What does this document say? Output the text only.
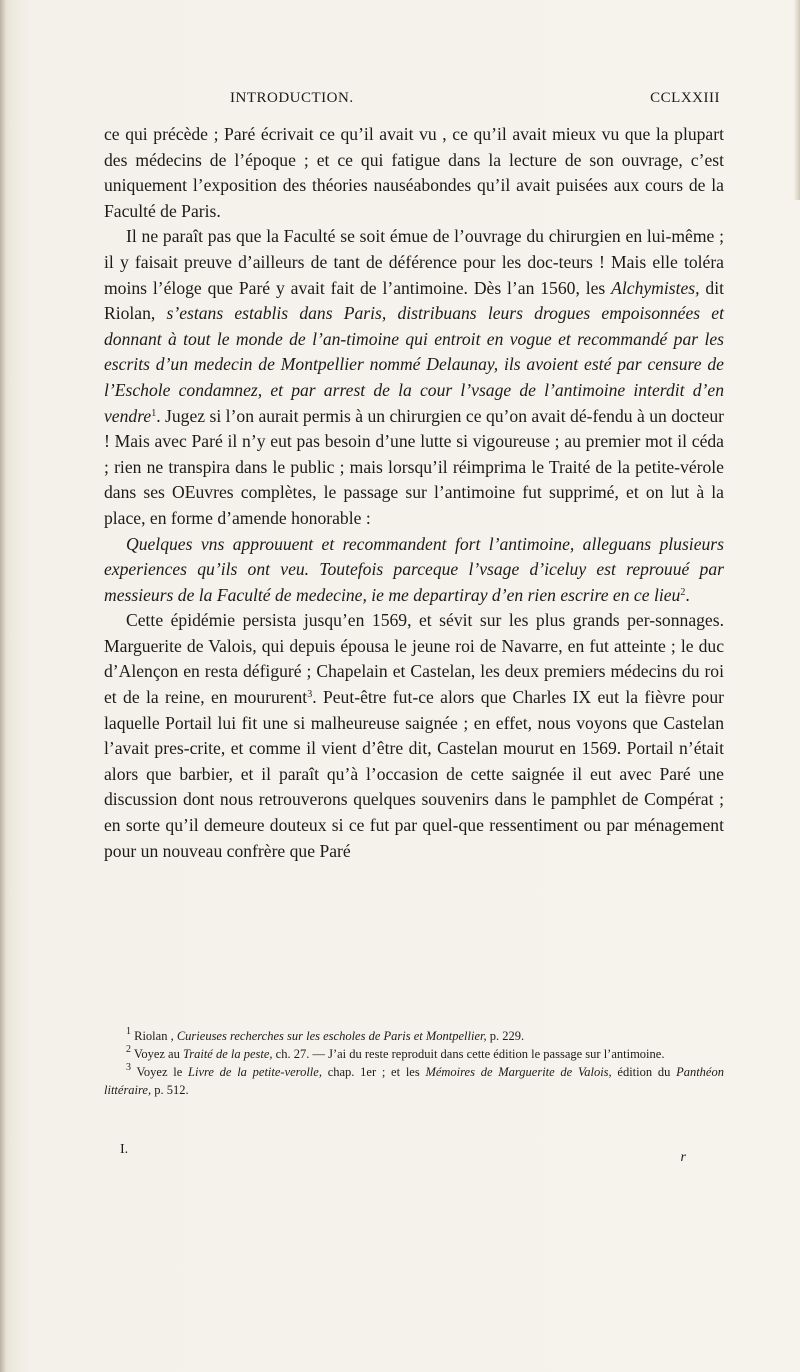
INTRODUCTION.	CCLXXIII

ce qui précède ; Paré écrivait ce qu’il avait vu , ce qu’il avait mieux vu que la plupart des médecins de l’époque ; et ce qui fatigue dans la lecture de son ouvrage, c’est uniquement l’exposition des théories nauséabondes qu’il avait puisées aux cours de la Faculté de Paris.

Il ne paraît pas que la Faculté se soit émue de l’ouvrage du chirurgien en lui-même ; il y faisait preuve d’ailleurs de tant de déférence pour les doc-teurs ! Mais elle toléra moins l’éloge que Paré y avait fait de l’antimoine. Dès l’an 1560, les Alchymistes, dit Riolan, s’estans establis dans Paris, distribuans leurs drogues empoisonnées et donnant à tout le monde de l’an-timoine qui entroit en vogue et recommandé par les escrits d’un medecin de Montpellier nommé Delaunay, ils avoient esté par censure de l’Eschole condamnez, et par arrest de la cour l’vsage de l’antimoine interdit d’en vendre$^1$. Jugez si l’on aurait permis à un chirurgien ce qu’on avait dé-fendu à un docteur ! Mais avec Paré il n’y eut pas besoin d’une lutte si vigoureuse ; au premier mot il céda ; rien ne transpira dans le public ; mais lorsqu’il réimprima le Traité de la petite-vérole dans ses OEuvres complètes, le passage sur l’antimoine fut supprimé, et on lut à la place, en forme d’amende honorable :

Quelques vns approuuent et recommandent fort l’antimoine, alleguans plusieurs experiences qu’ils ont veu. Toutefois parceque l’vsage d’iceluy est reprouué par messieurs de la Faculté de medecine, ie me departiray d’en rien escrire en ce lieu$^2$.

Cette épidémie persista jusqu’en 1569, et sévit sur les plus grands per-sonnages. Marguerite de Valois, qui depuis épousa le jeune roi de Navarre, en fut atteinte ; le duc d’Alençon en resta défiguré ; Chapelain et Castelan, les deux premiers médecins du roi et de la reine, en moururent$^3$. Peut-être fut-ce alors que Charles IX eut la fièvre pour laquelle Portail lui fit une si malheureuse saignée ; en effet, nous voyons que Castelan l’avait pres-crite, et comme il vient d’être dit, Castelan mourut en 1569. Portail n’était alors que barbier, et il paraît qu’à l’occasion de cette saignée il eut avec Paré une discussion dont nous retrouverons quelques souvenirs dans le pamphlet de Compérat ; en sorte qu’il demeure douteux si ce fut par quel-que ressentiment ou par ménagement pour un nouveau confrère que Paré

$^1$ Riolan , Curieuses recherches sur les escholes de Paris et Montpellier, p. 229.

$^2$ Voyez au Traité de la peste, ch. 27. — J’ai du reste reproduit dans cette édition le passage sur l’antimoine.

$^3$ Voyez le Livre de la petite-verolle, chap. 1er ; et les Mémoires de Marguerite de Valois, édition du Panthéon littéraire, p. 512.

I.
r
